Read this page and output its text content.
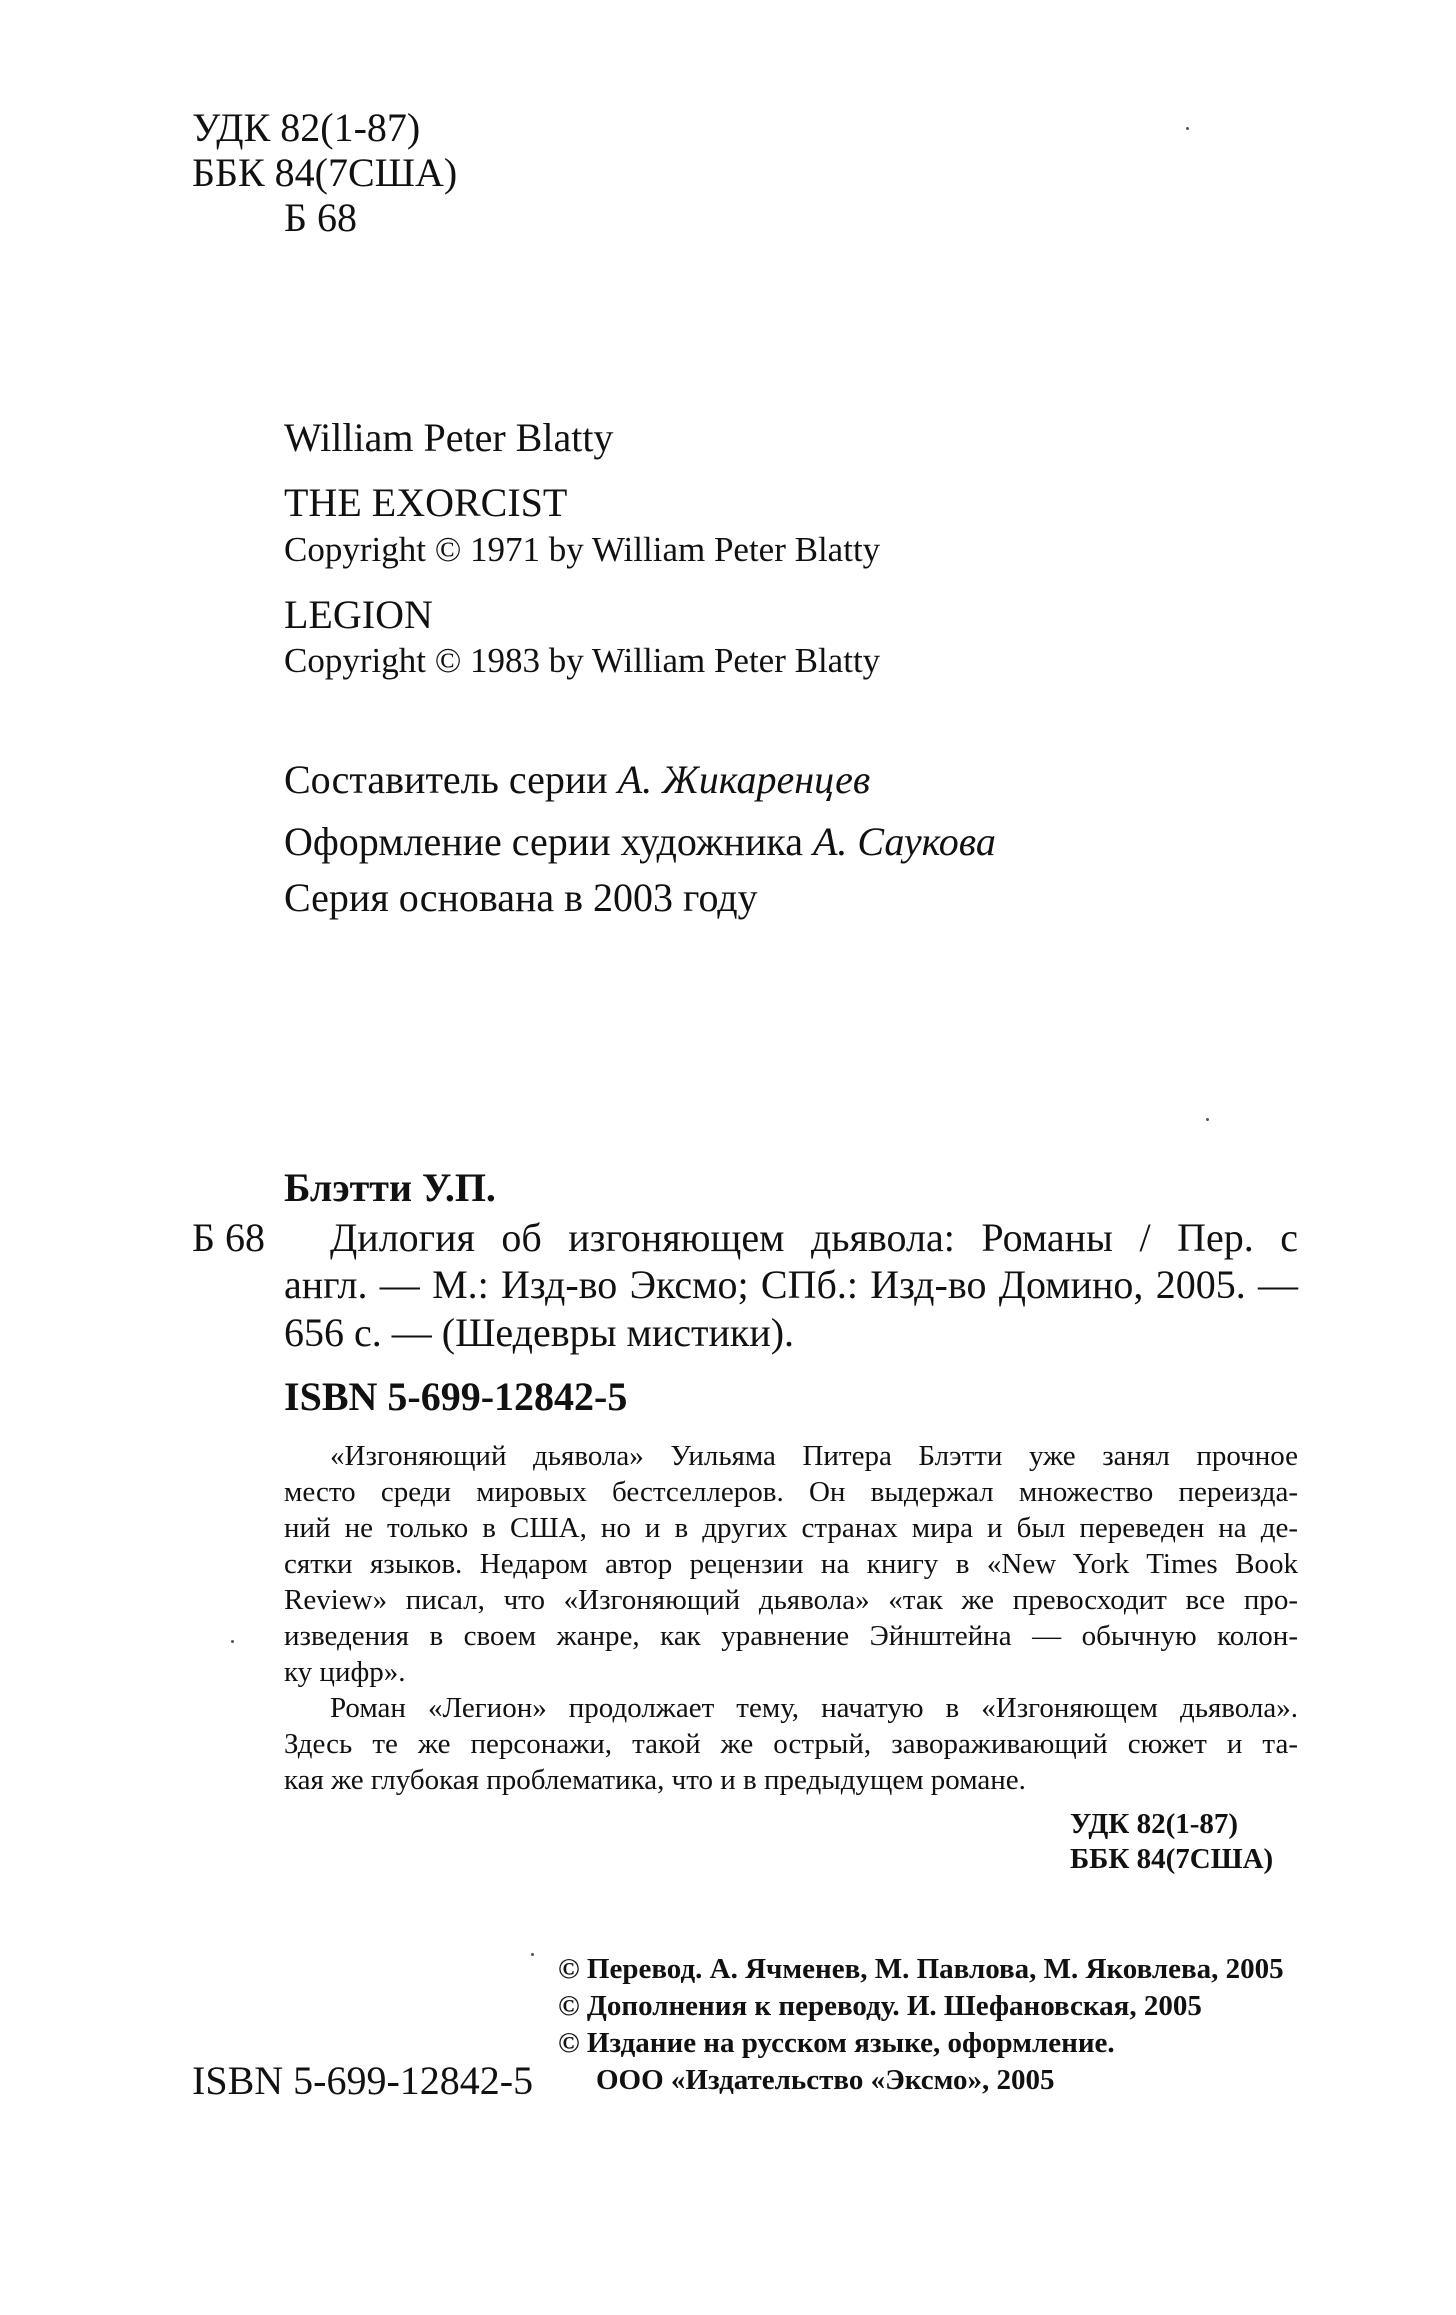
УДК 82(1-87)
ББК 84(7США)
Б 68
William Peter Blatty
THE EXORCIST
Copyright © 1971 by William Peter Blatty
LEGION
Copyright © 1983 by William Peter Blatty
Составитель серии А. Жикаренцев
Оформление серии художника А. Саукова
Серия основана в 2003 году
Блэтти У.П.
Б 68 Дилогия об изгоняющем дьявола: Романы / Пер. с
англ. — М.: Изд-во Эксмо; СПб.: Изд-во Домино, 2005. —
656 с. — (Шедевры мистики).
ISBN 5-699-12842-5
«Изгоняющий дьявола» Уильяма Питера Блэтти уже занял прочное
место среди мировых бестселлеров. Он выдержал множество переизда-
ний не только в США, но и в других странах мира и был переведен на де-
сятки языков. Недаром автор рецензии на книгу в «New York Times Book
Review» писал, что «Изгоняющий дьявола» «так же превосходит все про-
изведения в своем жанре, как уравнение Эйнштейна — обычную колон-
ку цифр».
Роман «Легион» продолжает тему, начатую в «Изгоняющем дьявола».
Здесь те же персонажи, такой же острый, завораживающий сюжет и та-
кая же глубокая проблематика, что и в предыдущем романе.
УДК 82(1-87)
ББК 84(7США)
© Перевод. А. Ячменев, М. Павлова, М. Яковлева, 2005
© Дополнения к переводу. И. Шефановская, 2005
© Издание на русском языке, оформление.
ООО «Издательство «Эксмо», 2005
ISBN 5-699-12842-5
